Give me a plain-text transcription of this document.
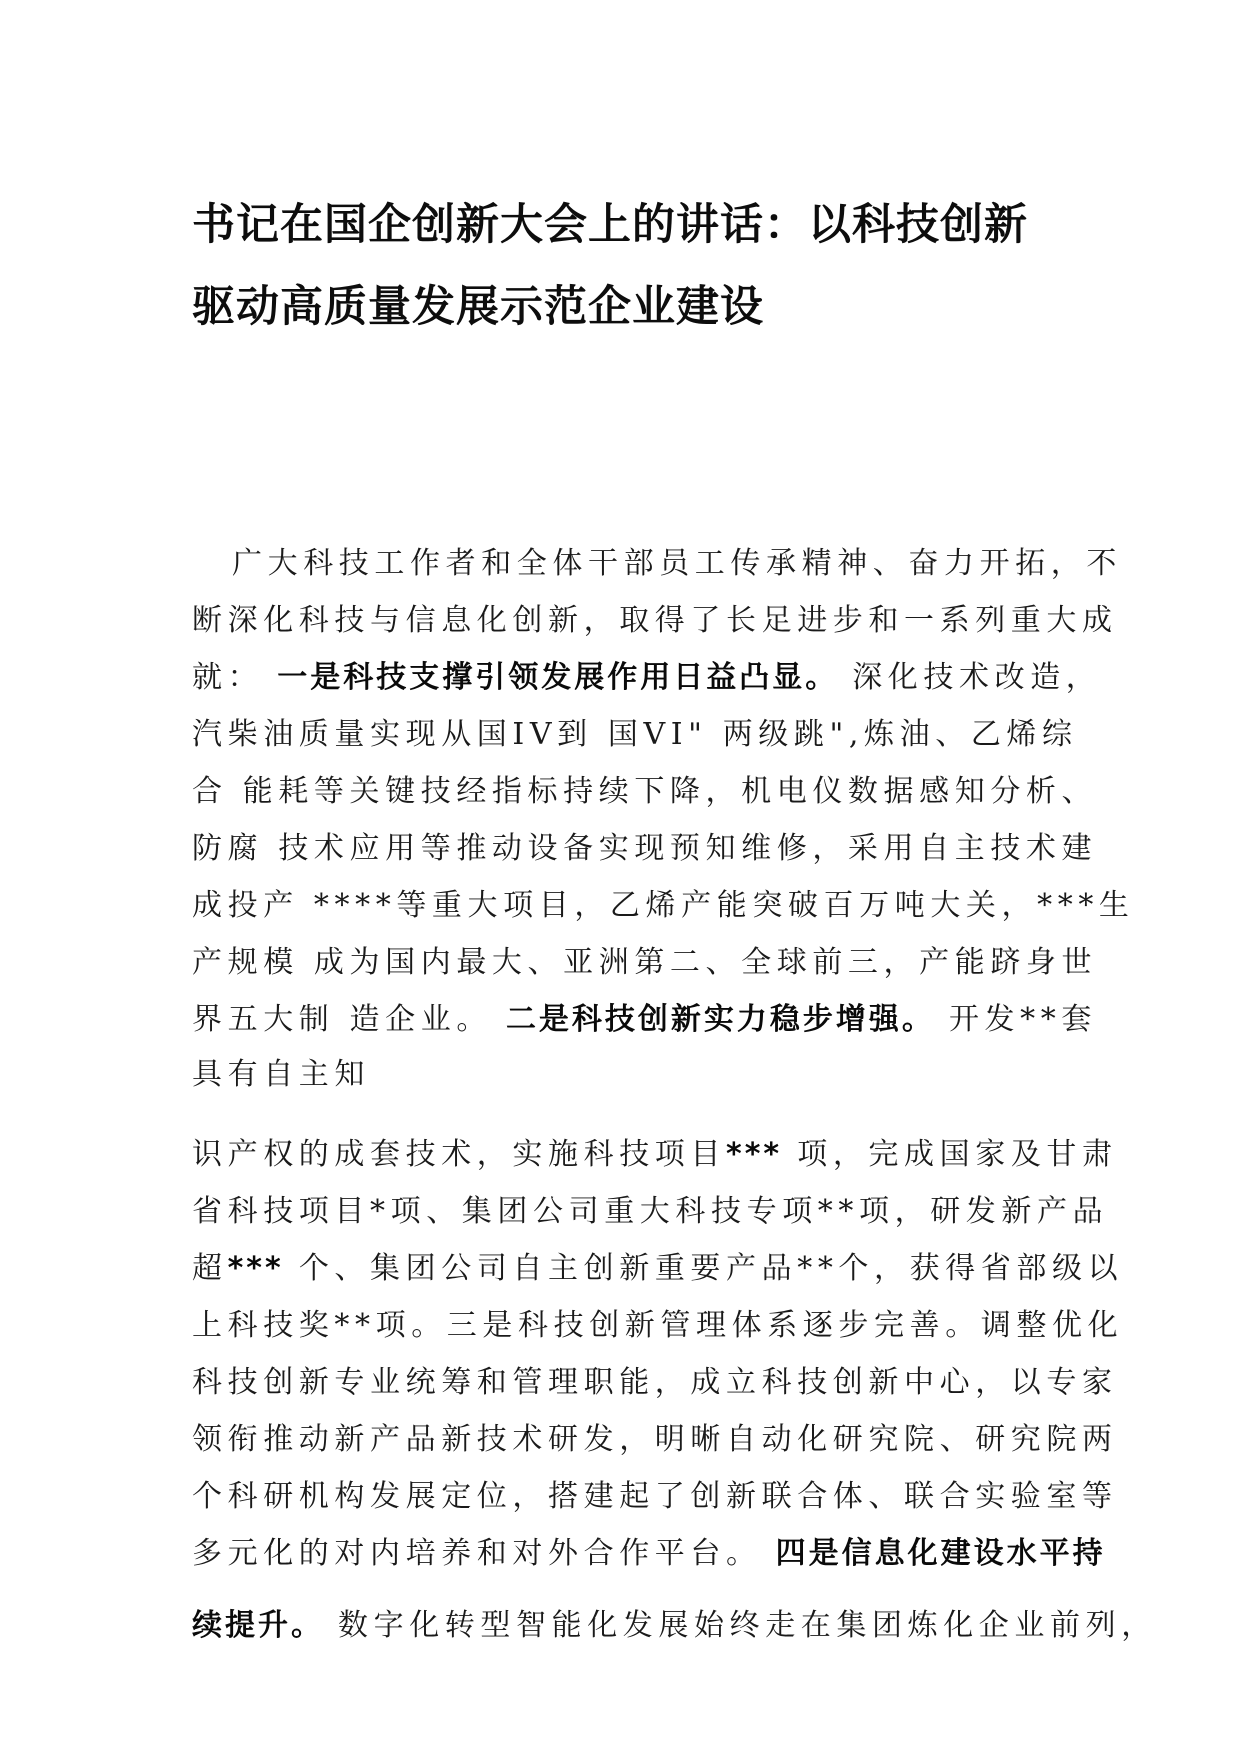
书记在国企创新大会上的讲话：以科技创新
驱动高质量发展示范企业建设
广大科技工作者和全体干部员工传承精神、奋力开拓，不
断深化科技与信息化创新，取得了长足进步和一系列重大成
就： 一是科技支撑引领发展作用日益凸显。 深化技术改造，
汽柴油质量实现从国IV到 国VI" 两级跳",炼油、乙烯综
合 能耗等关键技经指标持续下降，机电仪数据感知分析、
防腐 技术应用等推动设备实现预知维修，采用自主技术建
成投产 ****等重大项目，乙烯产能突破百万吨大关，***生
产规模 成为国内最大、亚洲第二、全球前三，产能跻身世
界五大制 造企业。 二是科技创新实力稳步增强。 开发**套
具有自主知
识产权的成套技术，实施科技项目*** 项，完成国家及甘肃
省科技项目*项、集团公司重大科技专项**项，研发新产品
超*** 个、集团公司自主创新重要产品**个，获得省部级以
上科技奖**项。三是科技创新管理体系逐步完善。调整优化
科技创新专业统筹和管理职能，成立科技创新中心，以专家
领衔推动新产品新技术研发，明晰自动化研究院、研究院两
个科研机构发展定位，搭建起了创新联合体、联合实验室等
多元化的对内培养和对外合作平台。 四是信息化建设水平持
续提升。 数字化转型智能化发展始终走在集团炼化企业前列，
